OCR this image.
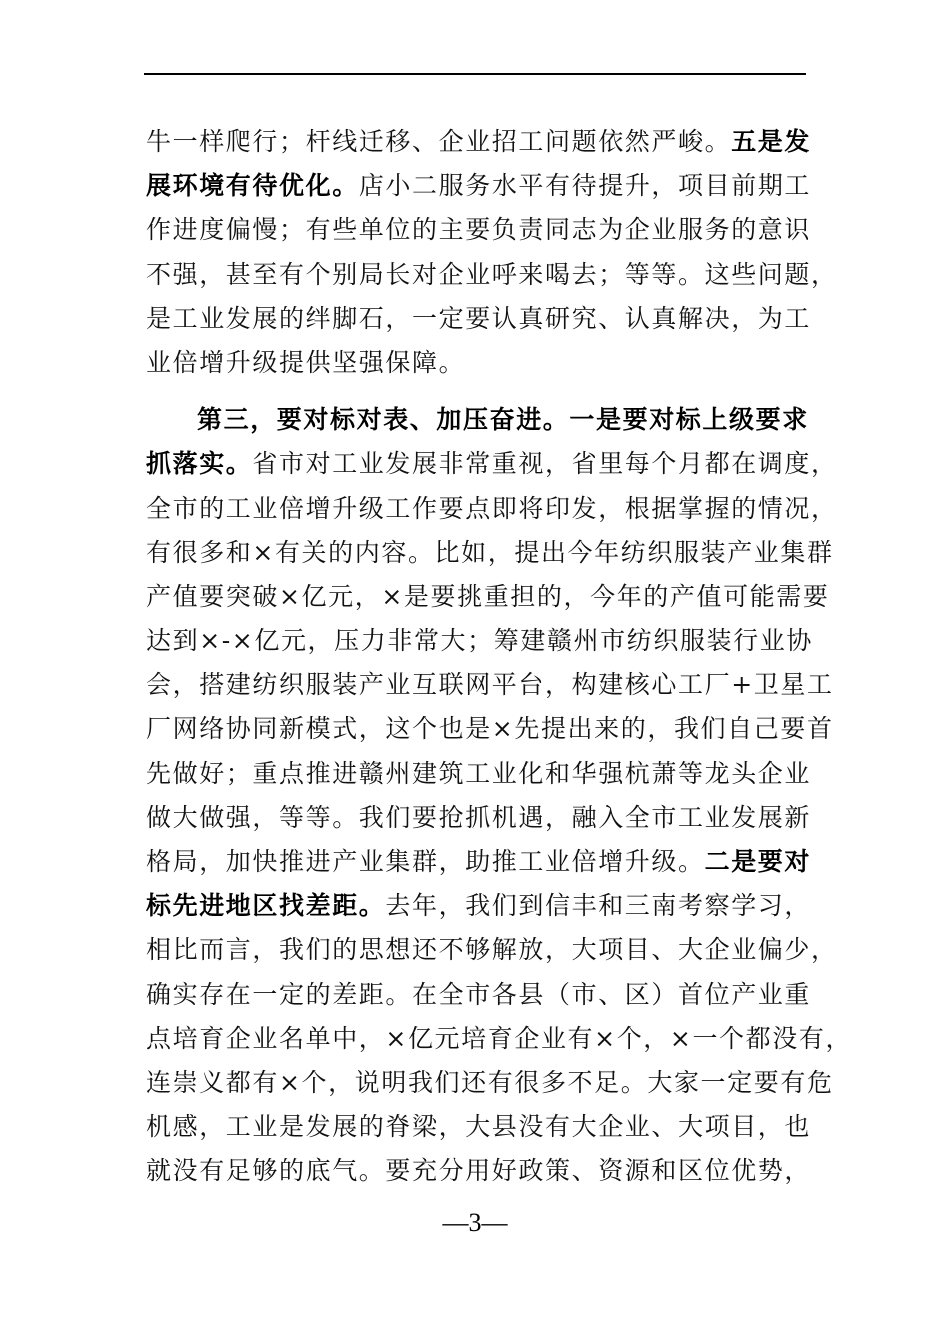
牛一样爬行；杆线迁移、企业招工问题依然严峻。五是发
展环境有待优化。店小二服务水平有待提升，项目前期工
作进度偏慢；有些单位的主要负责同志为企业服务的意识
不强，甚至有个别局长对企业呼来喝去；等等。这些问题，
是工业发展的绊脚石，一定要认真研究、认真解决，为工
业倍增升级提供坚强保障。
第三，要对标对表、加压奋进。一是要对标上级要求
抓落实。省市对工业发展非常重视，省里每个月都在调度，
全市的工业倍增升级工作要点即将印发，根据掌握的情况，
有很多和×有关的内容。比如，提出今年纺织服装产业集群
产值要突破×亿元，×是要挑重担的，今年的产值可能需要
达到×-×亿元，压力非常大；筹建赣州市纺织服装行业协
会，搭建纺织服装产业互联网平台，构建核心工厂+卫星工
厂网络协同新模式，这个也是×先提出来的，我们自己要首
先做好；重点推进赣州建筑工业化和华强杭萧等龙头企业
做大做强，等等。我们要抢抓机遇，融入全市工业发展新
格局，加快推进产业集群，助推工业倍增升级。二是要对
标先进地区找差距。去年，我们到信丰和三南考察学习，
相比而言，我们的思想还不够解放，大项目、大企业偏少，
确实存在一定的差距。在全市各县（市、区）首位产业重
点培育企业名单中，×亿元培育企业有×个，×一个都没有，
连崇义都有×个，说明我们还有很多不足。大家一定要有危
机感，工业是发展的脊梁，大县没有大企业、大项目，也
就没有足够的底气。要充分用好政策、资源和区位优势，
—3—
